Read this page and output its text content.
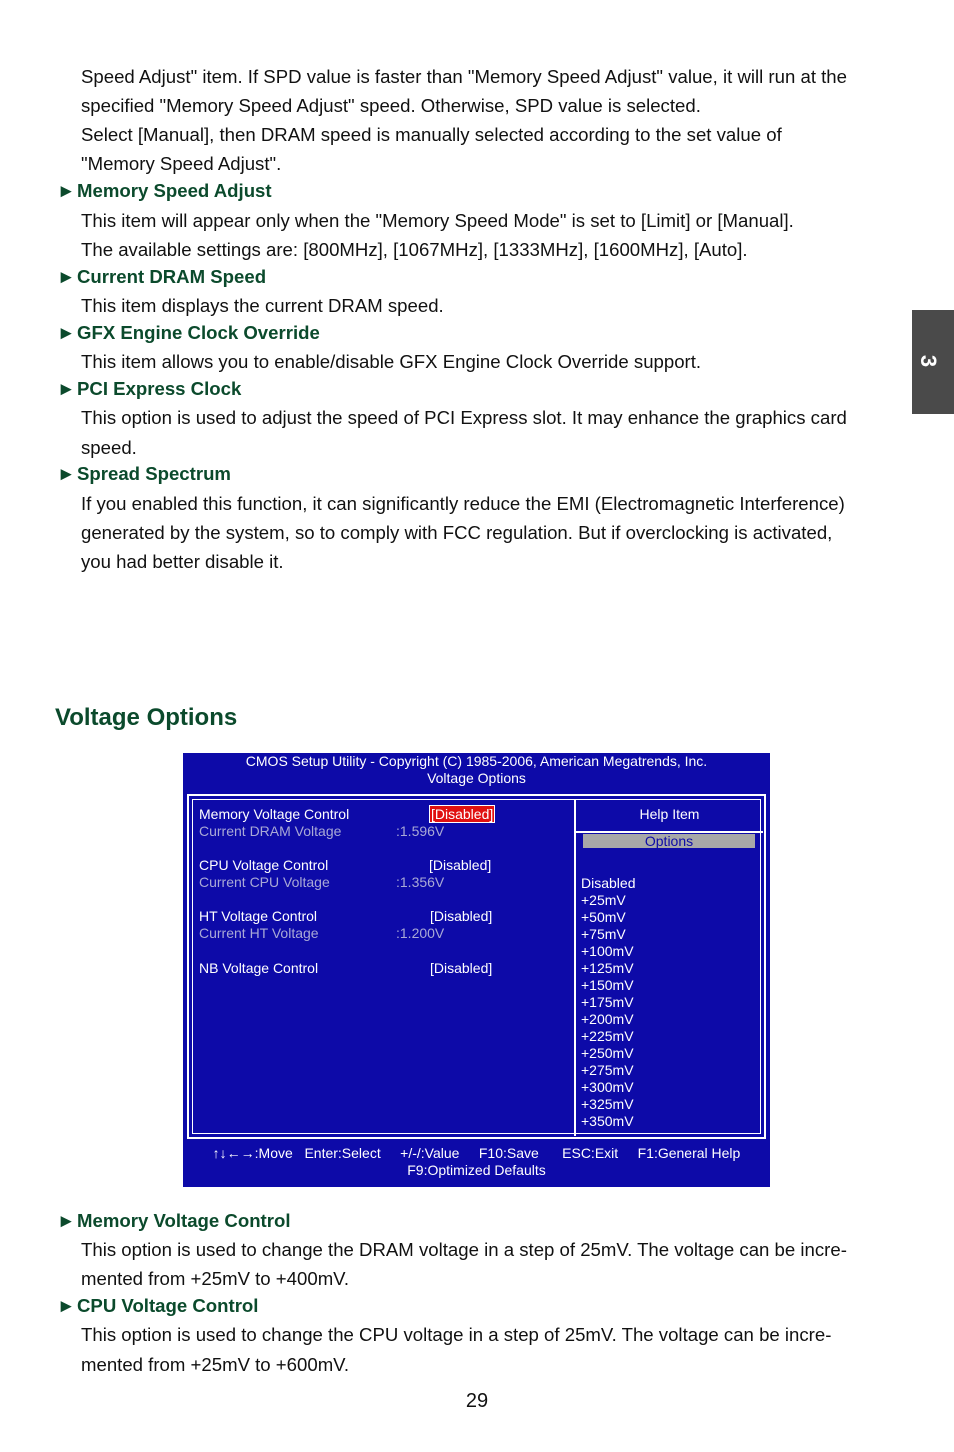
Speed Adjust" item. If SPD value is faster than "Memory Speed Adjust" value, it will run at the

specified "Memory Speed Adjust" speed. Otherwise, SPD value is selected.

Select [Manual], then DRAM speed is manually selected according to the set value of

"Memory Speed Adjust".

►Memory Speed Adjust

This item will appear only when the "Memory Speed Mode" is set to [Limit] or [Manual].

The available settings are: [800MHz], [1067MHz], [1333MHz], [1600MHz], [Auto].

►Current DRAM Speed

This item displays the current DRAM speed.

►GFX Engine Clock Override

This item allows you to enable/disable GFX Engine Clock Override support.

►PCI Express Clock

This option is used to adjust the speed of PCI Express slot. It may enhance the graphics card

speed.

►Spread Spectrum

If you enabled this function, it can significantly reduce the EMI (Electromagnetic Interference)

generated by the system, so to comply with FCC regulation. But if overclocking is activated,

you had better disable it.

3
Voltage Options
CMOS Setup Utility - Copyright (C) 1985-2006, American Megatrends, Inc.
Voltage Options
Memory Voltage Control	[Disabled]
Current DRAM Voltage	:1.596V
CPU Voltage Control	[Disabled]
Current CPU Voltage	:1.356V
HT Voltage Control	[Disabled]
Current HT Voltage	:1.200V
NB Voltage Control	[Disabled]
Help Item
Options
Disabled
+25mV
+50mV
+75mV
+100mV
+125mV
+150mV
+175mV
+200mV
+225mV
+250mV
+275mV
+300mV
+325mV
+350mV
↑↓←→:Move   Enter:Select     +/-/:Value     F10:Save      ESC:Exit     F1:General Help
F9:Optimized Defaults

►Memory Voltage Control

This option is used to change the DRAM voltage in a step of 25mV. The voltage can be incre-

mented from +25mV to +400mV.

►CPU Voltage Control

This option is used to change the CPU voltage in a step of 25mV. The voltage can be incre-

mented from +25mV to +600mV.

29
